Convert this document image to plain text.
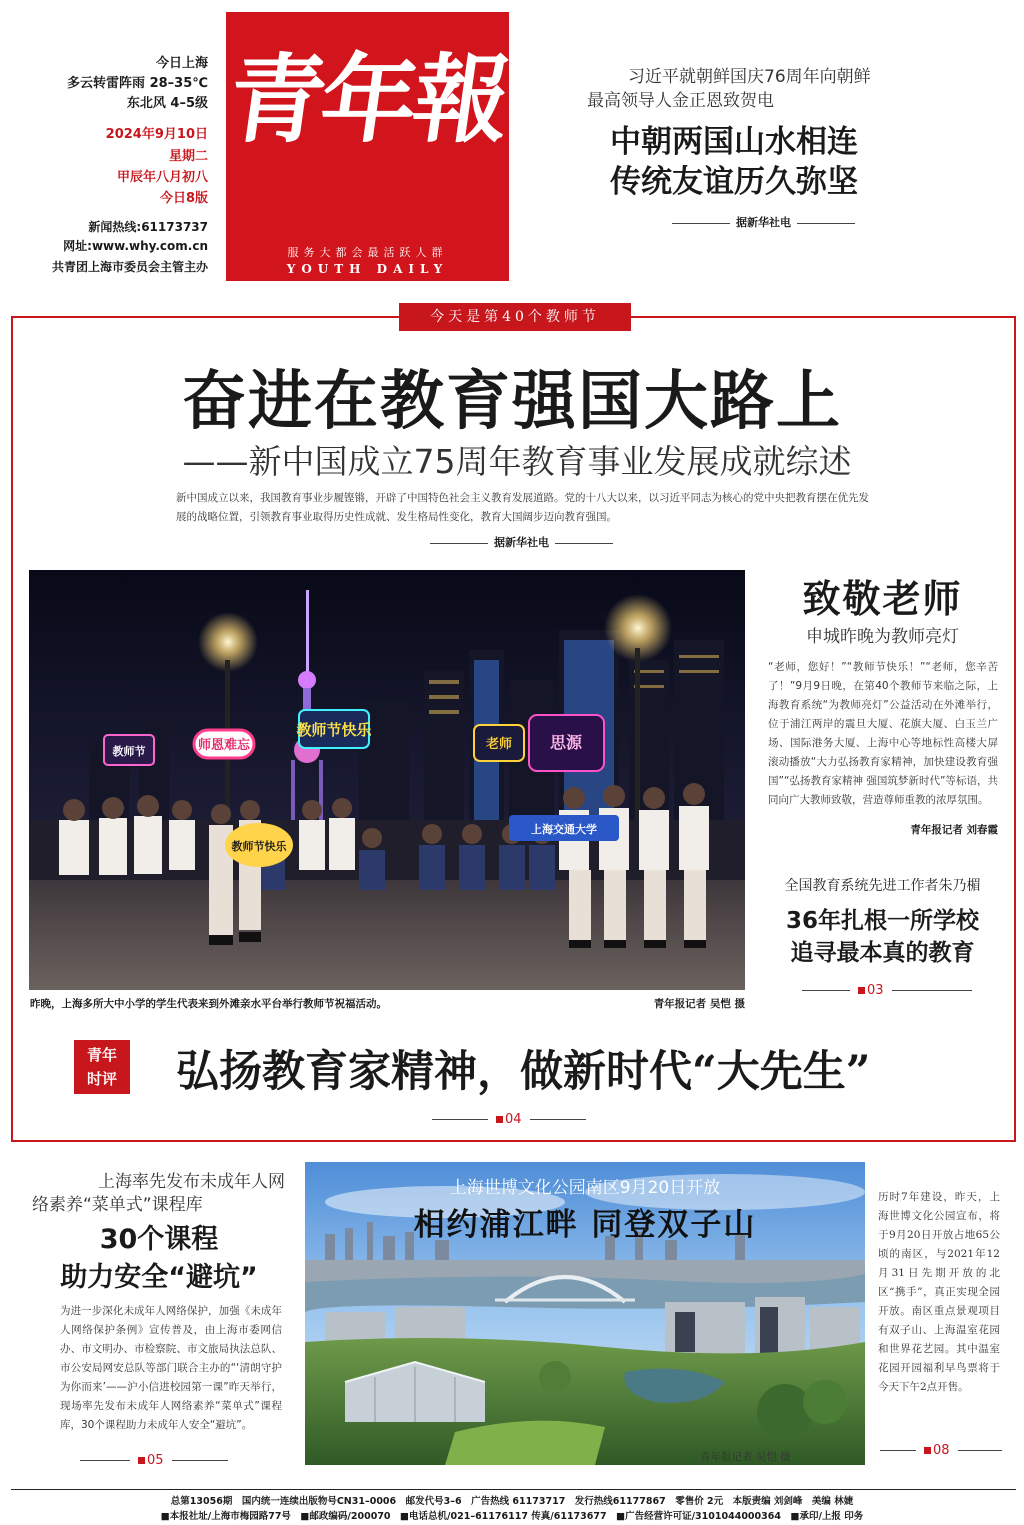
今日上海
多云转雷阵雨 28–35℃
东北风 4–5级
2024年9月10日
星期二
甲辰年八月初八
今日8版
新闻热线:61173737
网址:www.why.com.cn
共青团上海市委员会主管主办
青年報
服务大都会最活跃人群
YOUTH DAILY
习近平就朝鲜国庆76周年向朝鲜
最高领导人金正恩致贺电
中朝两国山水相连
传统友谊历久弥坚
据新华社电
今天是第40个教师节
奋进在教育强国大路上
——新中国成立75周年教育事业发展成就综述
新中国成立以来，我国教育事业步履铿锵，开辟了中国特色社会主义教育发展道路。党的十八大以来，以习近平同志为核心的党中央把教育摆在优先发展的战略位置，引领教育事业取得历史性成就、发生格局性变化，教育大国阔步迈向教育强国。
据新华社电
教师节快乐
师恩难忘
教师节	老师 思源
上海交通大学
教师节快乐
昨晚，上海多所大中小学的学生代表来到外滩亲水平台举行教师节祝福活动。	青年报记者 吴恺 摄
致敬老师
申城昨晚为教师亮灯
“老师，您好！”“教师节快乐！”“老师，您辛苦了！”9月9日晚，在第40个教师节来临之际，上海教育系统“为教师亮灯”公益活动在外滩举行，位于浦江两岸的震旦大厦、花旗大厦、白玉兰广场、国际港务大厦、上海中心等地标性高楼大屏滚动播放“大力弘扬教育家精神，加快建设教育强国”“弘扬教育家精神 强国筑梦新时代”等标语，共同向广大教师致敬，营造尊师重教的浓厚氛围。
青年报记者 刘春霞
全国教育系统先进工作者朱乃楣
36年扎根一所学校
追寻最本真的教育
03
青年
时评	弘扬教育家精神，做新时代“大先生”
04
上海率先发布未成年人网
络素养“菜单式”课程库
30个课程
助力安全“避坑”
为进一步深化未成年人网络保护，加强《未成年人网络保护条例》宣传普及，由上海市委网信办、市文明办、市检察院、市文旅局执法总队、市公安局网安总队等部门联合主办的“‘清朗守护 为你而来’——沪小信进校园第一课”昨天举行，现场率先发布未成年人网络素养“菜单式”课程库，30个课程助力未成年人安全“避坑”。
05
上海世博文化公园南区9月20日开放
相约浦江畔 同登双子山
青年报记者 吴恺 摄
历时7年建设，昨天，上海世博文化公园宣布，将于9月20日开放占地65公顷的南区，与2021年12月31日先期开放的北区“携手”，真正实现全园开放。南区重点景观项目有双子山、上海温室花园和世界花艺园。其中温室花园开园福利早鸟票将于今天下午2点开售。
08
总第13056期　国内统一连续出版物号CN31–0006　邮发代号3–6　广告热线 61173717　发行热线61177867　零售价 2元　本版责编 刘剑峰　美编 林婕
■本报社址/上海市梅园路77号　■邮政编码/200070　■电话总机/021–61176117 传真/61173677　■广告经营许可证/3101044000364　■承印/上报 印务
